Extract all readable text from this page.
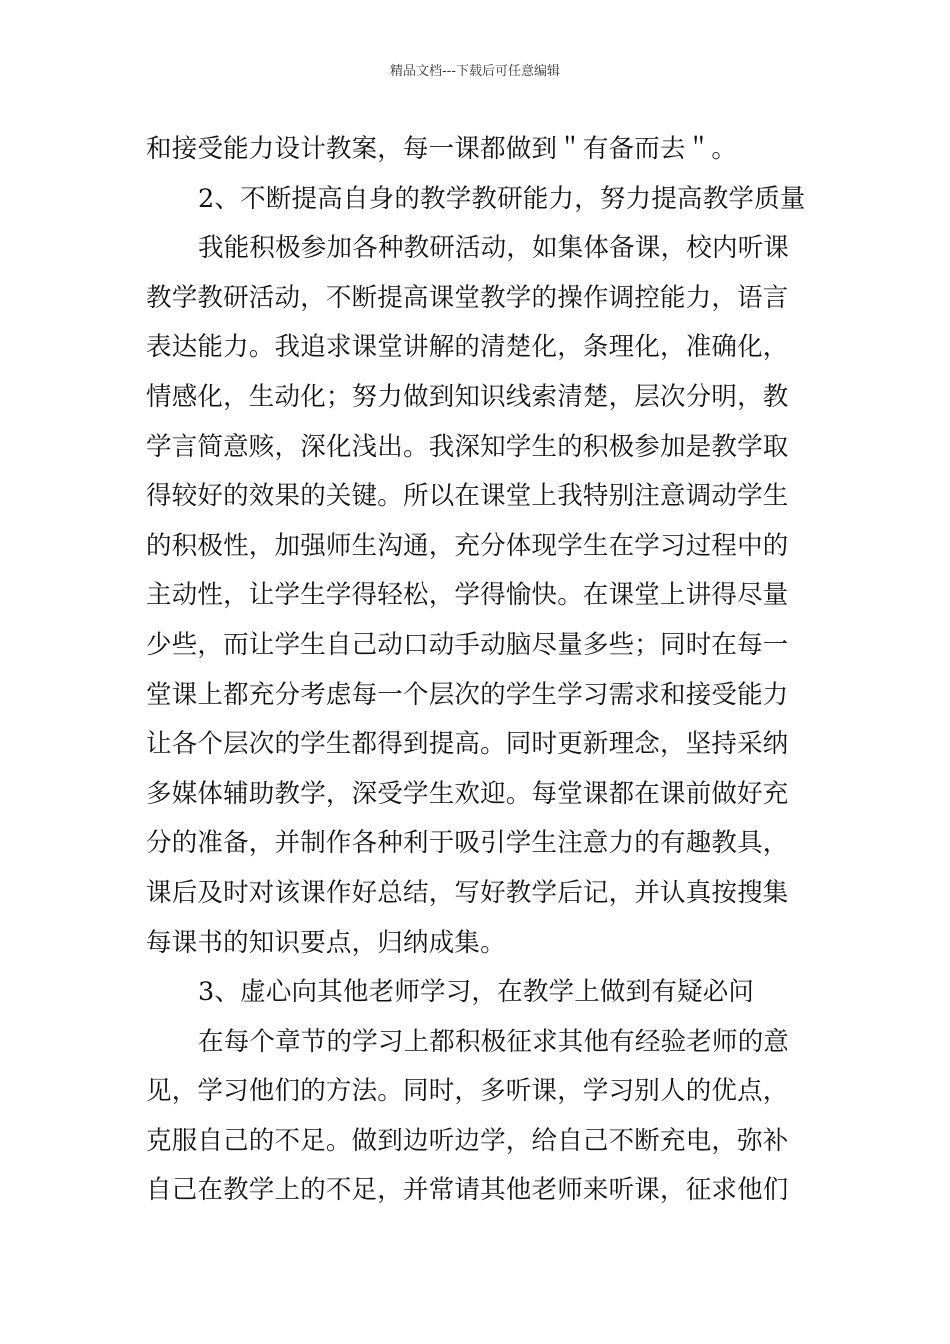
精品文档---下载后可任意编辑
和接受能力设计教案，每一课都做到＂有备而去＂。
2、不断提高自身的教学教研能力，努力提高教学质量
我能积极参加各种教研活动，如集体备课，校内听课
教学教研活动，不断提高课堂教学的操作调控能力，语言
表达能力。我追求课堂讲解的清楚化，条理化，准确化，
情感化，生动化；努力做到知识线索清楚，层次分明，教
学言简意赅，深化浅出。我深知学生的积极参加是教学取
得较好的效果的关键。所以在课堂上我特别注意调动学生
的积极性，加强师生沟通，充分体现学生在学习过程中的
主动性，让学生学得轻松，学得愉快。在课堂上讲得尽量
少些，而让学生自己动口动手动脑尽量多些；同时在每一
堂课上都充分考虑每一个层次的学生学习需求和接受能力
让各个层次的学生都得到提高。同时更新理念，坚持采纳
多媒体辅助教学，深受学生欢迎。每堂课都在课前做好充
分的准备，并制作各种利于吸引学生注意力的有趣教具，
课后及时对该课作好总结，写好教学后记，并认真按搜集
每课书的知识要点，归纳成集。
3、虚心向其他老师学习，在教学上做到有疑必问
在每个章节的学习上都积极征求其他有经验老师的意
见，学习他们的方法。同时，多听课，学习别人的优点，
克服自己的不足。做到边听边学，给自己不断充电，弥补
自己在教学上的不足，并常请其他老师来听课，征求他们
